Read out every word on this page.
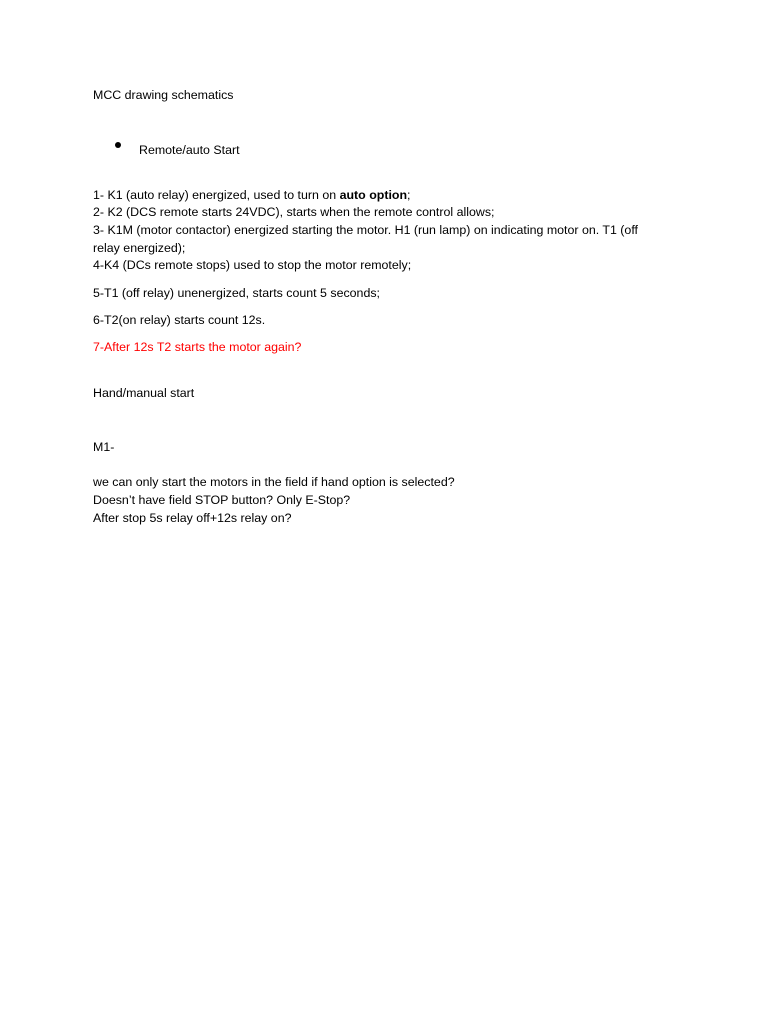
MCC drawing schematics
Remote/auto Start
1- K1 (auto relay) energized, used to turn on auto option;
2- K2 (DCS remote starts 24VDC), starts when the remote control allows;
3- K1M (motor contactor) energized starting the motor. H1 (run lamp) on indicating motor on. T1 (off
relay energized);
4-K4 (DCs remote stops) used to stop the motor remotely;
5-T1 (off relay) unenergized, starts count 5 seconds;
6-T2(on relay) starts count 12s.
7-After 12s T2 starts the motor again?
Hand/manual start
M1-
we can only start the motors in the field if hand option is selected?
Doesn’t have field STOP button? Only E-Stop?
After stop 5s relay off+12s relay on?
